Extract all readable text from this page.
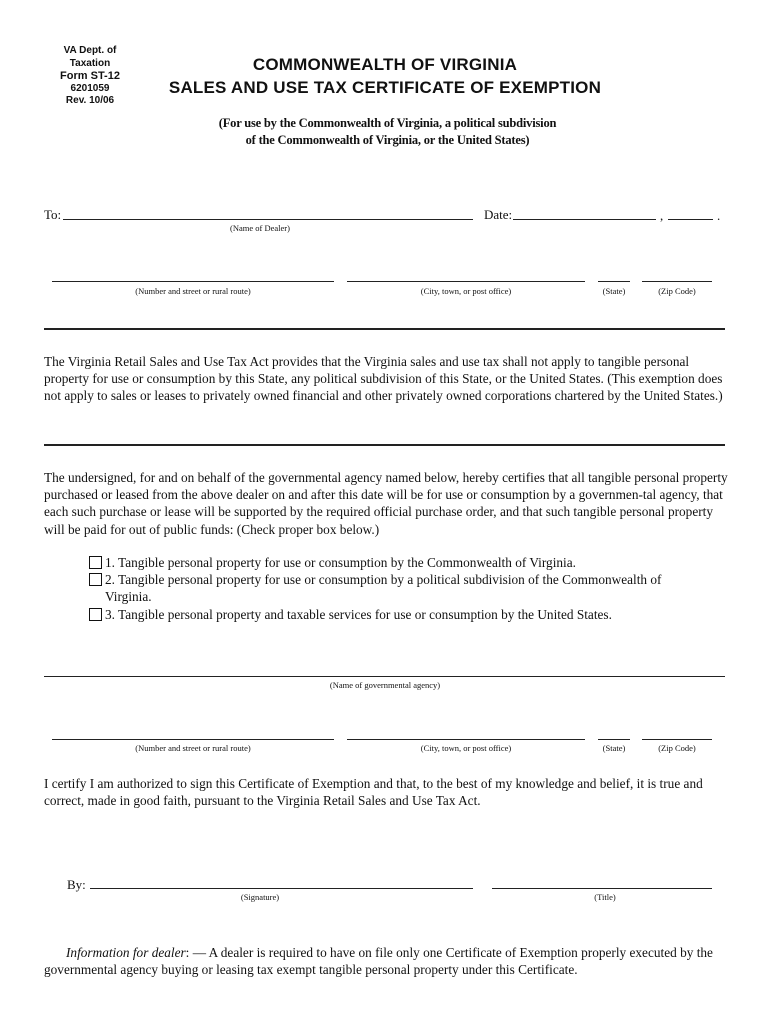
VA Dept. of Taxation
Form ST-12
6201059
Rev. 10/06
COMMONWEALTH OF VIRGINIA
SALES AND USE TAX CERTIFICATE OF EXEMPTION
(For use by the Commonwealth of Virginia, a political subdivision
of the Commonwealth of Virginia, or the United States)
To:
(Name of Dealer)
Date:	,	.
(Number and street or rural route)	(City, town, or post office)	(State)	(Zip Code)
The Virginia Retail Sales and Use Tax Act provides that the Virginia sales and use tax shall not apply to tangible personal property for use or consumption by this State, any political subdivision of this State, or the United States. (This exemption does not apply to sales or leases to privately owned financial and other privately owned corporations chartered by the United States.)
The undersigned, for and on behalf of the governmental agency named below, hereby certifies that all tangible personal property purchased or leased from the above dealer on and after this date will be for use or consumption by a governmen-tal agency, that each such purchase or lease will be supported by the required official purchase order, and that such tangible personal property will be paid for out of public funds: (Check proper box below.)
1. Tangible personal property for use or consumption by the Commonwealth of Virginia.
2. Tangible personal property for use or consumption by a political subdivision of the Commonwealth of Virginia.
3. Tangible personal property and taxable services for use or consumption by the United States.
(Name of governmental agency)
(Number and street or rural route)	(City, town, or post office)	(State)	(Zip Code)
I certify I am authorized to sign this Certificate of Exemption and that, to the best of my knowledge and belief, it is true and correct, made in good faith, pursuant to the Virginia Retail Sales and Use Tax Act.
By:
(Signature)	(Title)
Information for dealer: — A dealer is required to have on file only one Certificate of Exemption properly executed by the governmental agency buying or leasing tax exempt tangible personal property under this Certificate.
